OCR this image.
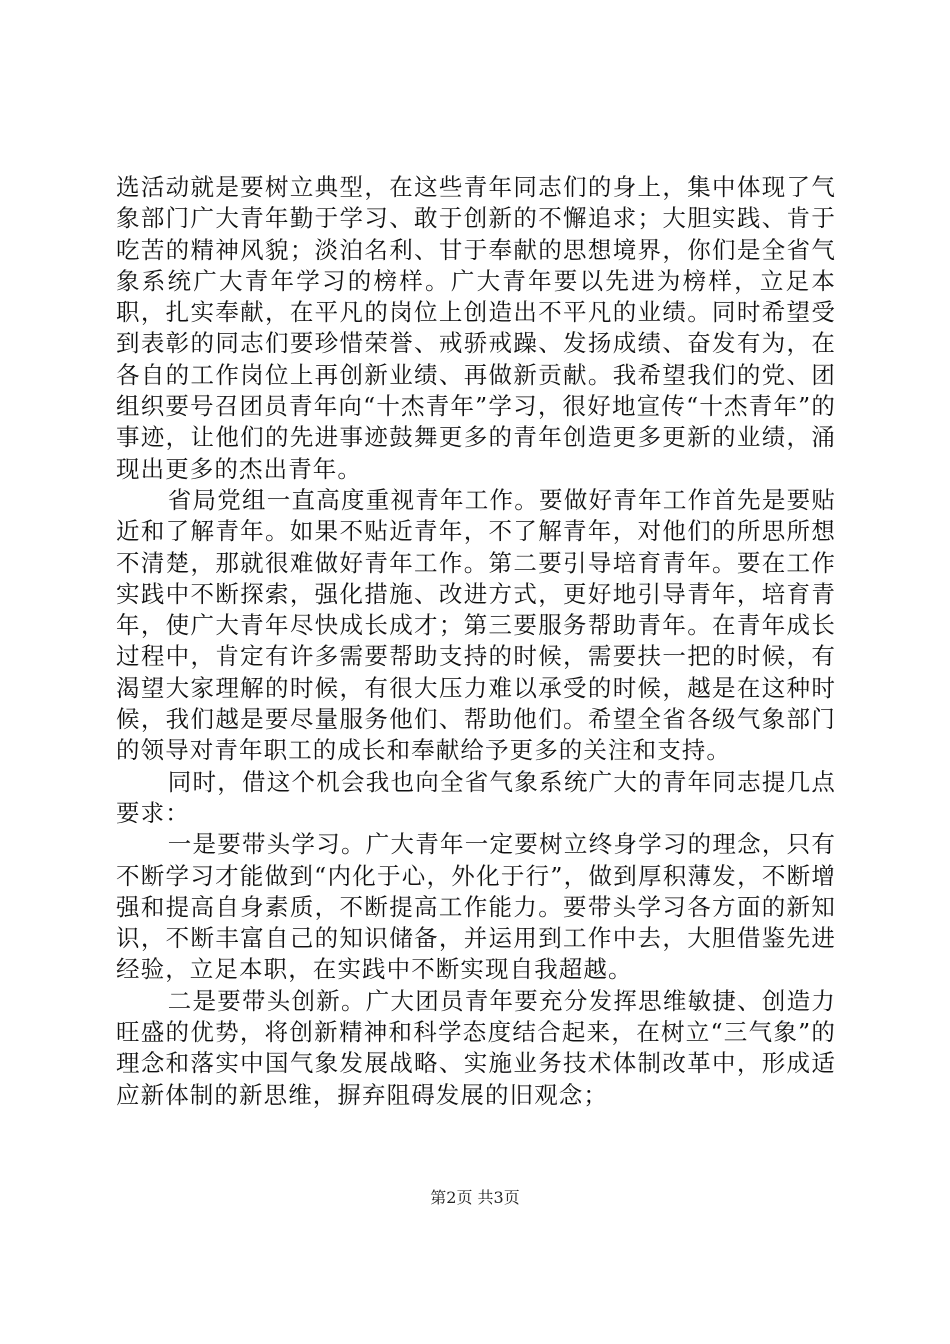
选活动就是要树立典型，在这些青年同志们的身上，集中体现了气象部门广大青年勤于学习、敢于创新的不懈追求；大胆实践、肯于吃苦的精神风貌；淡泊名利、甘于奉献的思想境界，你们是全省气象系统广大青年学习的榜样。广大青年要以先进为榜样，立足本职，扎实奉献，在平凡的岗位上创造出不平凡的业绩。同时希望受到表彰的同志们要珍惜荣誉、戒骄戒躁、发扬成绩、奋发有为，在各自的工作岗位上再创新业绩、再做新贡献。我希望我们的党、团组织要号召团员青年向“十杰青年”学习，很好地宣传“十杰青年”的事迹，让他们的先进事迹鼓舞更多的青年创造更多更新的业绩，涌现出更多的杰出青年。

省局党组一直高度重视青年工作。要做好青年工作首先是要贴近和了解青年。如果不贴近青年，不了解青年，对他们的所思所想不清楚，那就很难做好青年工作。第二要引导培育青年。要在工作实践中不断探索，强化措施、改进方式，更好地引导青年，培育青年，使广大青年尽快成长成才；第三要服务帮助青年。在青年成长过程中，肯定有许多需要帮助支持的时候，需要扶一把的时候，有渴望大家理解的时候，有很大压力难以承受的时候，越是在这种时候，我们越是要尽量服务他们、帮助他们。希望全省各级气象部门的领导对青年职工的成长和奉献给予更多的关注和支持。

同时，借这个机会我也向全省气象系统广大的青年同志提几点要求：

一是要带头学习。广大青年一定要树立终身学习的理念，只有不断学习才能做到“内化于心，外化于行”，做到厚积薄发，不断增强和提高自身素质，不断提高工作能力。要带头学习各方面的新知识，不断丰富自己的知识储备，并运用到工作中去，大胆借鉴先进经验，立足本职，在实践中不断实现自我超越。

二是要带头创新。广大团员青年要充分发挥思维敏捷、创造力旺盛的优势，将创新精神和科学态度结合起来，在树立“三气象”的理念和落实中国气象发展战略、实施业务技术体制改革中，形成适应新体制的新思维，摒弃阻碍发展的旧观念；

第2页 共3页
